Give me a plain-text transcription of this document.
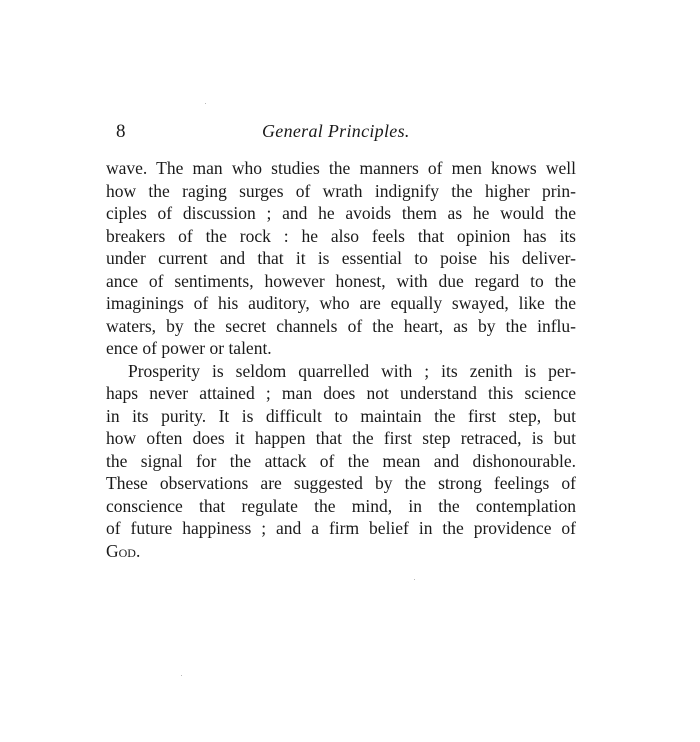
8	General Principles.
wave. The man who studies the manners of men knows well
how the raging surges of wrath indignify the higher prin-
ciples of discussion ; and he avoids them as he would the
breakers of the rock : he also feels that opinion has its
under current and that it is essential to poise his deliver-
ance of sentiments, however honest, with due regard to the
imaginings of his auditory, who are equally swayed, like the
waters, by the secret channels of the heart, as by the influ-
ence of power or talent.
Prosperity is seldom quarrelled with ; its zenith is per-
haps never attained ; man does not understand this science
in its purity. It is difficult to maintain the first step, but
how often does it happen that the first step retraced, is but
the signal for the attack of the mean and dishonourable.
These observations are suggested by the strong feelings of
conscience that regulate the mind, in the contemplation
of future happiness ; and a firm belief in the providence of
God.
